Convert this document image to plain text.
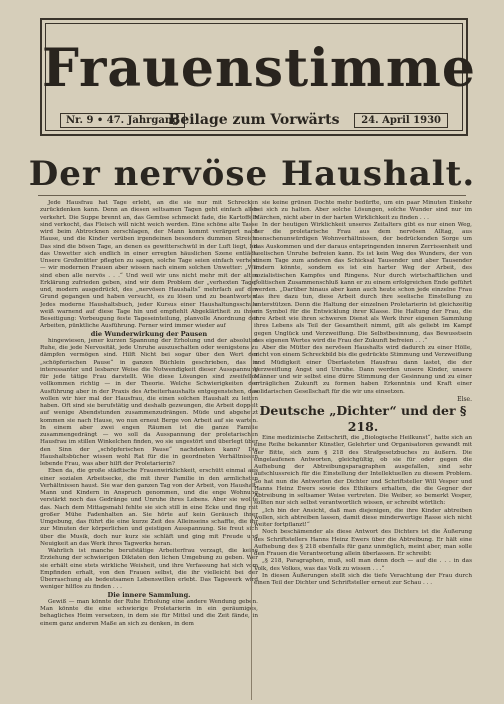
Frauenstimme
Nr. 9 • 47. Jahrgang
Beilage zum Vorwärts	24. April 1930
Der nervöse Haushalt.

Jede Hausfrau hat Tage erlebt, an die sie nur mit Schrecken zurückdenken kann. Denn an diesen seltsamen Tagen geht einfach alles verkehrt. Die Suppe brennt an, das Gemüse schmeckt fade, die Kartoffeln sind verkocht, das Fleisch will nicht weich werden. Eine schöne alte Tasse wird beim Abtrocknen zerschlagen, der Mann kommt verärgert nach Hause, und die Kinder verüben irgendeinen besonders dummen Streich. Das sind die bösen Tage, an denen es gewitterschwül in der Luft liegt, bis das Unwetter sich endlich in einer erregten häuslichen Szene entlädt. Unsere Großmütter pflegten zu sagen, solche Tage seien einfach verhext — wir modernen Frauen aber wissen nach einem solchen Unwetter: „Wir sind eben alle nervös . . .“ Und weil wir uns nicht mehr mit der alten Erklärung zufrieden geben, sind wir dem Problem der „verhexten Tage“ und, modern ausgedrückt, des „nervösen Haushalts“ mehrfach auf den Grund gegangen und haben versucht, es zu lösen und zu beantworten. Jedes moderne Haushaltsbuch, jeder Kursus einer Haushaltungsschule weiß warnend auf diese Tage hin und empfiehlt Abgeklärtheit zu ihrer Beseitigung: Vorbeugung feste Tageseinteilung, planvolle Anordnung der Arbeiten, pünktliche Ausführung. Ferner wird immer wieder auf

die Wunderwirkung der Pausen

hingewiesen, jener kurzen Spannung der Erholung und der absoluten Ruhe, die jede Nervosität, jede Unruhe auszuschalten oder wenigstens zu dämpfen vermögen sind. Hilft Nicht bei sogar über den Wert der „schöpferischen Pause“ in ganzen Büchlein geschrieben, das in interessanter und lesbarer Weise die Notwendigkeit dieser Ausspannung für jede tätige Frau darstellt. Wie diese Lösungen sind zweifellos vollkommen richtig — in der Theorie. Welche Schwierigkeiten der Ausführung aber in der Praxis des Arbeiterhaushalts entgegenstehen, das wollen wir hier mal der Hausfrau, die einen solchen Haushalt zu leiten haben. Oft sind sie berufstätig und deshalb gezwungen, die Arbeit doppelt auf wenige Abendstunden zusammenzudrängen. Müde und abgehetzt kommen sie nach Hause, wo nun erneut Berge von Arbeit auf sie warten. In einem aber zwei engen Räumen ist die ganze Familie zusammengedrängt — wo soll da Ausspannung der proletarischen Hausfrau im stillen Winkelchen finden, wo sie ungestört und überlegt über den Sinn der „schöpferischen Pause“ nachdenken kann? Die Haushaltsbücher wissen wohl Rat für die in geordneten Verhältnissen lebende Frau, was aber hilft der Proletarierin?

Eben da, die große städtische Frauenwirklichkeit, erschütt einmal aus einer sozialen Arbeitsecke, die mit ihrer Familie in den armlichsten Verhältnissen haust. Sie war den ganzen Tag von der Arbeit, von Haushalt, Mann und Kindern in Anspruch genommen, und die enge Wohnung verstärkt noch das Gedränge und Unruhe ihres Lebens. Aber sie wollte das. Nach dem Mittagsmahl fehlte sie sich still in eine Ecke und fing mit großer Mühe Fadenhalten an. Sie hörte auf kein Geräusch ihrer Umgebung, das führt die eine kurze Zeit des Alleinseins schaffte, die ihr zur Minuten der körperlichen und geistigen Ausspannung. Sie freut sich über die Musik, doch nur kurz sie schläft und ging mit Freude und Neuigkeit an das Werk ihres Tagwerks heran.

Wahrlich ist manche berufstätige Arbeiterfrau verzagt, die keine Erziehung der schwierigen Diktaten den lichen Umgebung zu geben. Wer sie erhält eine stets wirkliche Weisheit, und ihre Verfassung hat sich vom Empfinden erhalt, von den Frauen selbst, die ihr vielleicht bei der Überraschung als bedeutsamen Lebenswillen erlebt. Das Tagewerk wird weniger hilflos zu finden . . .

Die innere Sammlung.

Gewiß — man könnte der Ruhe Erholung eine andere Wendung geben. Man könnte die eine schwierige Proletarierin in ein geräumiges, behagliches Heim versetzen, in dem sie für Mittel und die Zeit fände, in einem ganz anderen Maße an sich zu denken, in dem

sie keine grünen Dochte mehr bedürfte, um ein paar Minuten Einkehr bei sich zu halten. Aber solche Lösungen, solche Wunder sind nur im Märchen, nicht aber in der harten Wirklichkeit zu finden . . .

In der heutigen Wirklichkeit unseres Zeitalters gibt es nur einen Weg, der die proletarische Frau aus dem nervösen Alltag, aus menschenunwürdigen Wohnverhältnissen, der bedrückenden Sorge um das Auskommen und der daraus entspringenden inneren Zerrissenheit und seelischen Unruhe befreien kann. Es ist kein Weg des Wunders, der von einem Tage zum anderen das Schicksal Tausender und aber Tausender ändern könnte, sondern es ist ein harter Weg der Arbeit, des sozialistischen Kampfes und Ringens. Nur durch wirtschaftlichen und politischen Zusammenschluß kann er zu einem erfolgreichen Ende geführt werden. „Darüber hinaus aber kann auch heute schon jede einzelne Frau das ihre dazu tun, diese Arbeit durch ihre seelische Einstellung zu unterstützen. Denn die Haltung der einzelnen Proletarierin ist gleichzeitig ein Symbol für die Entwicklung ihrer Klasse. Die Haltung der Frau, die ihre Arbeit wie ihren schweren Dienst als Werk ihrer eigenen Sammlung ihres Lebens als Teil der Gesamtheit nimmt, gilt als geliebt im Kampf gegen Unglück und Verzweiflung. Die Selbstbesinnung, das Bewusstsein des eigenen Wertes wird die Frau der Zukunft befreien . . .“

Aber die Mütter des nervösen Haushalts wird dadurch zu einer Hölle, nicht von einem Schreckbild bis die gedrückte Stimmung und Verzweiflung und Müdigkeit einer Überlasteten Hausfrau dann lastet, die der Verzweiflung Angst und Unruhe. Dann werden unsere Kinder, unsere Männer und wir selbst eine dürre Stimmung der Gesinnung und zu einer erträglichen Zukunft zu formen haben Erkenntnis und Kraft einer solidarischen Gesellschaft für die wir uns einsetzen.

Else.

Deutsche „Dichter“ und der § 218.

Eine medizinische Zeitschrift, die „Biologische Heilkunst“, hatte sich an eine Reihe bekannter Künstler, Gelehrter und Organisatoren gewandt mit der Bitte, sich zum § 218 des Strafgesetzbuches zu äußern. Die eingelaufenen Antworten, gleichgültig, ob sie für oder gegen die Aufhebung der Abtreibungsparagraphen ausgefallen, sind sehr aufschlussreich für die Einstellung der Intellektuellen zu diesem Problem. So hat nun die Antworten der Dichter und Schriftsteller Will Vesper und Hanns Heinz Ewers sowie des Ethikers erhalten, die die Gegner der Abtreibung in seltsamer Weise vertreten. Die Weiber, so bemerkt Vesper, sollten nur sich selbst verantwortlich wissen, er schreibt wörtlich:

„Ich bin der Ansicht, daß man diejenigen, die ihre Kinder abtreiben wollen, sich abtreiben lassen, damit diese minderwertige Rasse sich nicht weiter fortpflanzt!“

Noch beschämender als diese Antwort des Dichters ist die Äußerung des Schriftstellers Hanns Heinz Ewers über die Abtreibung. Er hält eine Aufhebung des § 218 ebenfalls für ganz unmöglich, meint aber, man solle den Frauen die Verantwortung allein überlassen. Er schreibt:

„§ 218, Paragraphen, muß, soll man denn doch — auf die . . . in das Volk, des Volkes, was das Volk zu wissen . . .“

In diesen Äußerungen stellt sich die tiefe Verachtung der Frau durch einen Teil der Dichter und Schriftsteller erneut zur Schau . . .
